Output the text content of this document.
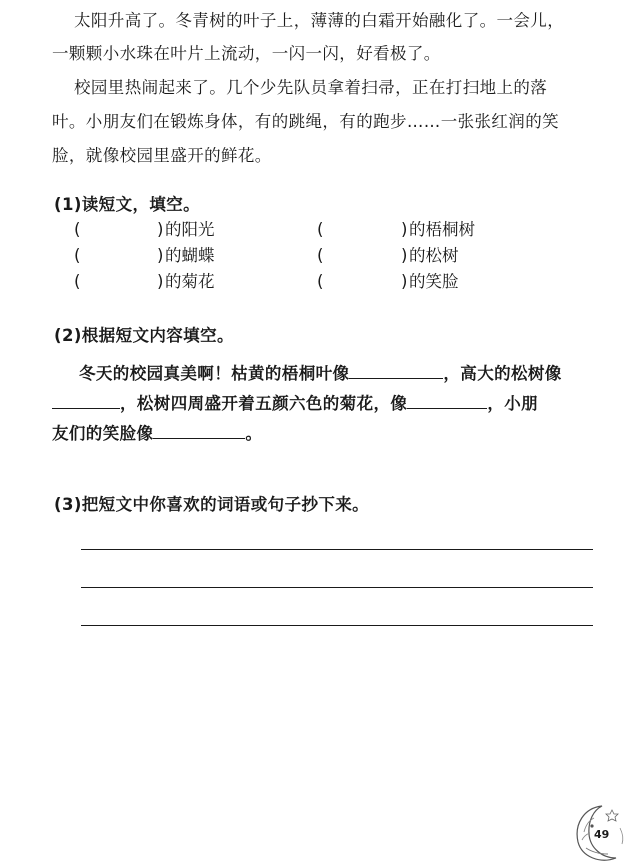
太阳升高了。冬青树的叶子上，薄薄的白霜开始融化了。一会儿，
一颗颗小水珠在叶片上流动，一闪一闪，好看极了。
校园里热闹起来了。几个少先队员拿着扫帚，正在打扫地上的落
叶。小朋友们在锻炼身体，有的跳绳，有的跑步……一张张红润的笑
脸，就像校园里盛开的鲜花。
(1)读短文，填空。
(	) 的阳光	(	) 的梧桐树
(	) 的蝴蝶	(	) 的松树
(	) 的菊花	(	) 的笑脸
(2)根据短文内容填空。
冬天的校园真美啊！枯黄的梧桐叶像	，高大的松树像
，松树四周盛开着五颜六色的菊花，像	，小朋
友们的笑脸像	。
(3)把短文中你喜欢的词语或句子抄下来。
49
